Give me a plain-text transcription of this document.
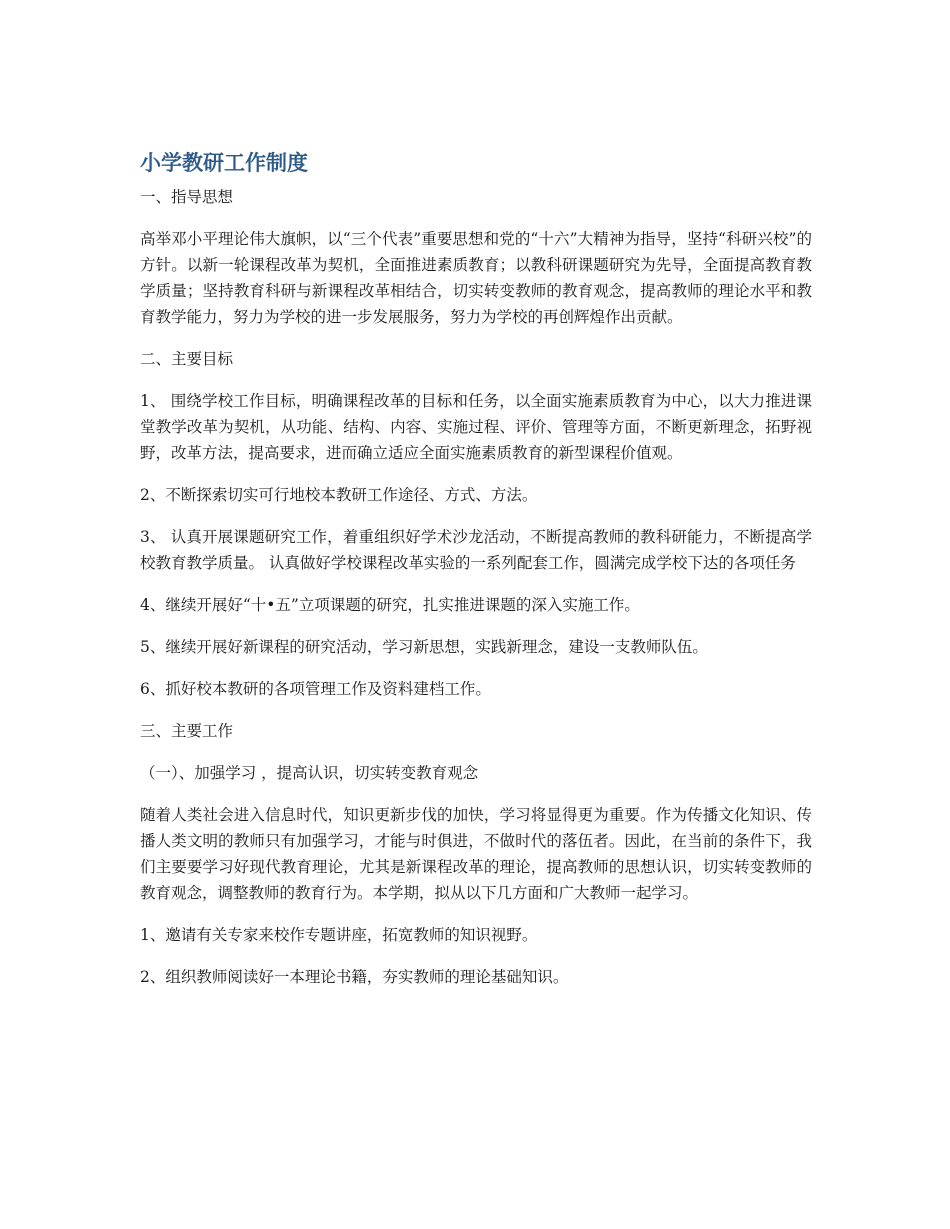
小学教研工作制度
一、指导思想

高举邓小平理论伟大旗帜，以“三个代表”重要思想和党的“十六”大精神为指导，坚持“科研兴校”的方针。以新一轮课程改革为契机，全面推进素质教育；以教科研课题研究为先导，全面提高教育教学质量；坚持教育科研与新课程改革相结合，切实转变教师的教育观念，提高教师的理论水平和教育教学能力，努力为学校的进一步发展服务，努力为学校的再创辉煌作出贡献。

二、主要目标

1、 围绕学校工作目标，明确课程改革的目标和任务，以全面实施素质教育为中心，以大力推进课堂教学改革为契机，从功能、结构、内容、实施过程、评价、管理等方面，不断更新理念，拓野视野，改革方法，提高要求，进而确立适应全面实施素质教育的新型课程价值观。

2、不断探索切实可行地校本教研工作途径、方式、方法。

3、 认真开展课题研究工作，着重组织好学术沙龙活动，不断提高教师的教科研能力，不断提高学校教育教学质量。 认真做好学校课程改革实验的一系列配套工作，圆满完成学校下达的各项任务

4、继续开展好“十•五”立项课题的研究，扎实推进课题的深入实施工作。

5、继续开展好新课程的研究活动，学习新思想，实践新理念，建设一支教师队伍。

6、抓好校本教研的各项管理工作及资料建档工作。

三、主要工作
（一）、加强学习 ，提高认识，切实转变教育观念

随着人类社会进入信息时代，知识更新步伐的加快，学习将显得更为重要。作为传播文化知识、传播人类文明的教师只有加强学习，才能与时俱进，不做时代的落伍者。因此，在当前的条件下，我们主要要学习好现代教育理论，尤其是新课程改革的理论，提高教师的思想认识，切实转变教师的教育观念，调整教师的教育行为。本学期，拟从以下几方面和广大教师一起学习。

1、邀请有关专家来校作专题讲座，拓宽教师的知识视野。

2、组织教师阅读好一本理论书籍，夯实教师的理论基础知识。
